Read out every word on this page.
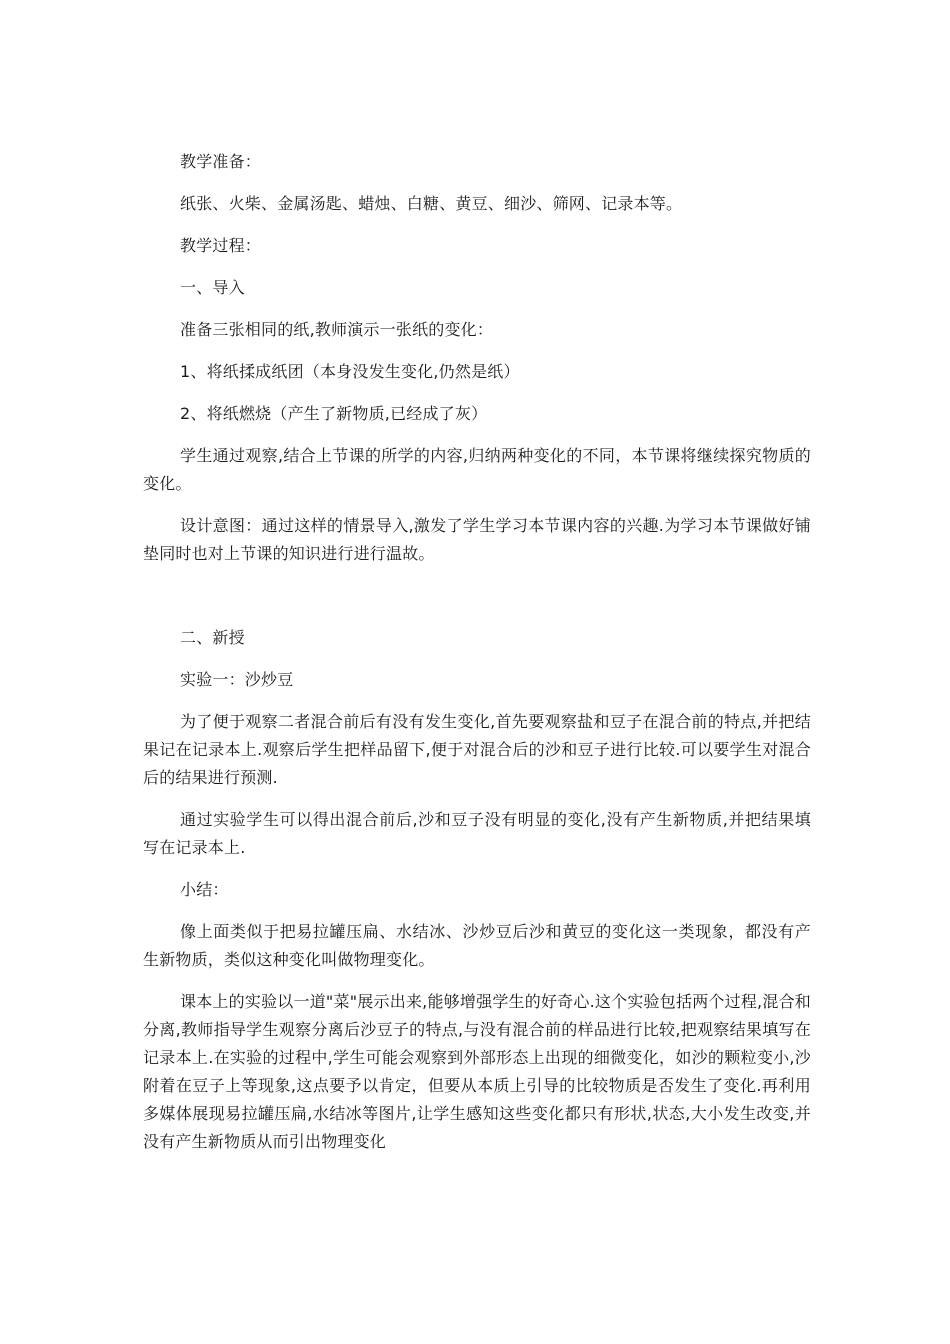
教学准备：

纸张、火柴、金属汤匙、蜡烛、白糖、黄豆、细沙、筛网、记录本等。

教学过程：

一、导入

准备三张相同的纸,教师演示一张纸的变化：

1、将纸揉成纸团（本身没发生变化,仍然是纸）

2、将纸燃烧（产生了新物质,已经成了灰）

学生通过观察,结合上节课的所学的内容,归纳两种变化的不同，本节课将继续探究物质的变化。

设计意图：通过这样的情景导入,激发了学生学习本节课内容的兴趣.为学习本节课做好铺垫同时也对上节课的知识进行进行温故。

二、新授

实验一：沙炒豆

为了便于观察二者混合前后有没有发生变化,首先要观察盐和豆子在混合前的特点,并把结果记在记录本上.观察后学生把样品留下,便于对混合后的沙和豆子进行比较.可以要学生对混合后的结果进行预测.

通过实验学生可以得出混合前后,沙和豆子没有明显的变化,没有产生新物质,并把结果填写在记录本上.

小结：

像上面类似于把易拉罐压扁、水结冰、沙炒豆后沙和黄豆的变化这一类现象，都没有产生新物质，类似这种变化叫做物理变化。

课本上的实验以一道"菜"展示出来,能够增强学生的好奇心.这个实验包括两个过程,混合和分离,教师指导学生观察分离后沙豆子的特点,与没有混合前的样品进行比较,把观察结果填写在记录本上.在实验的过程中,学生可能会观察到外部形态上出现的细微变化，如沙的颗粒变小,沙附着在豆子上等现象,这点要予以肯定，但要从本质上引导的比较物质是否发生了变化.再利用多媒体展现易拉罐压扁,水结冰等图片,让学生感知这些变化都只有形状,状态,大小发生改变,并没有产生新物质从而引出物理变化
